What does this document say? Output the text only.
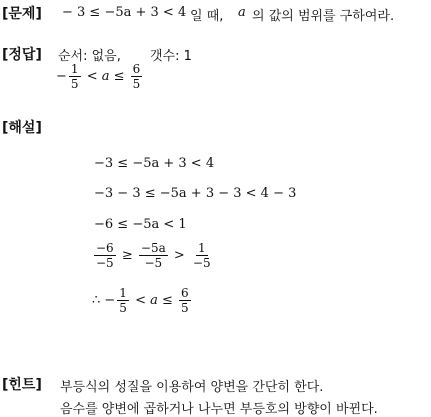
[문제] − 3 ≤ −5a + 3 < 4 일 때, a 의 값의 범위를 구하여라.
[정답] 순서: 없음, 갯수: 1
− $\frac{1}{5} < a \le \frac{6}{5}$
[해설]
−3 ≤ −5a + 3 < 4
−3 − 3 ≤ −5a + 3 − 3 < 4 − 3
−6 ≤ −5a < 1
$\frac{-6}{-5} \ge \frac{-5a}{-5} > \frac{1}{-5}$
∴ − $\frac{1}{5} < a \le \frac{6}{5}$
[힌트] 부등식의 성질을 이용하여 양변을 간단히 한다.
음수를 양변에 곱하거나 나누면 부등호의 방향이 바뀐다.
